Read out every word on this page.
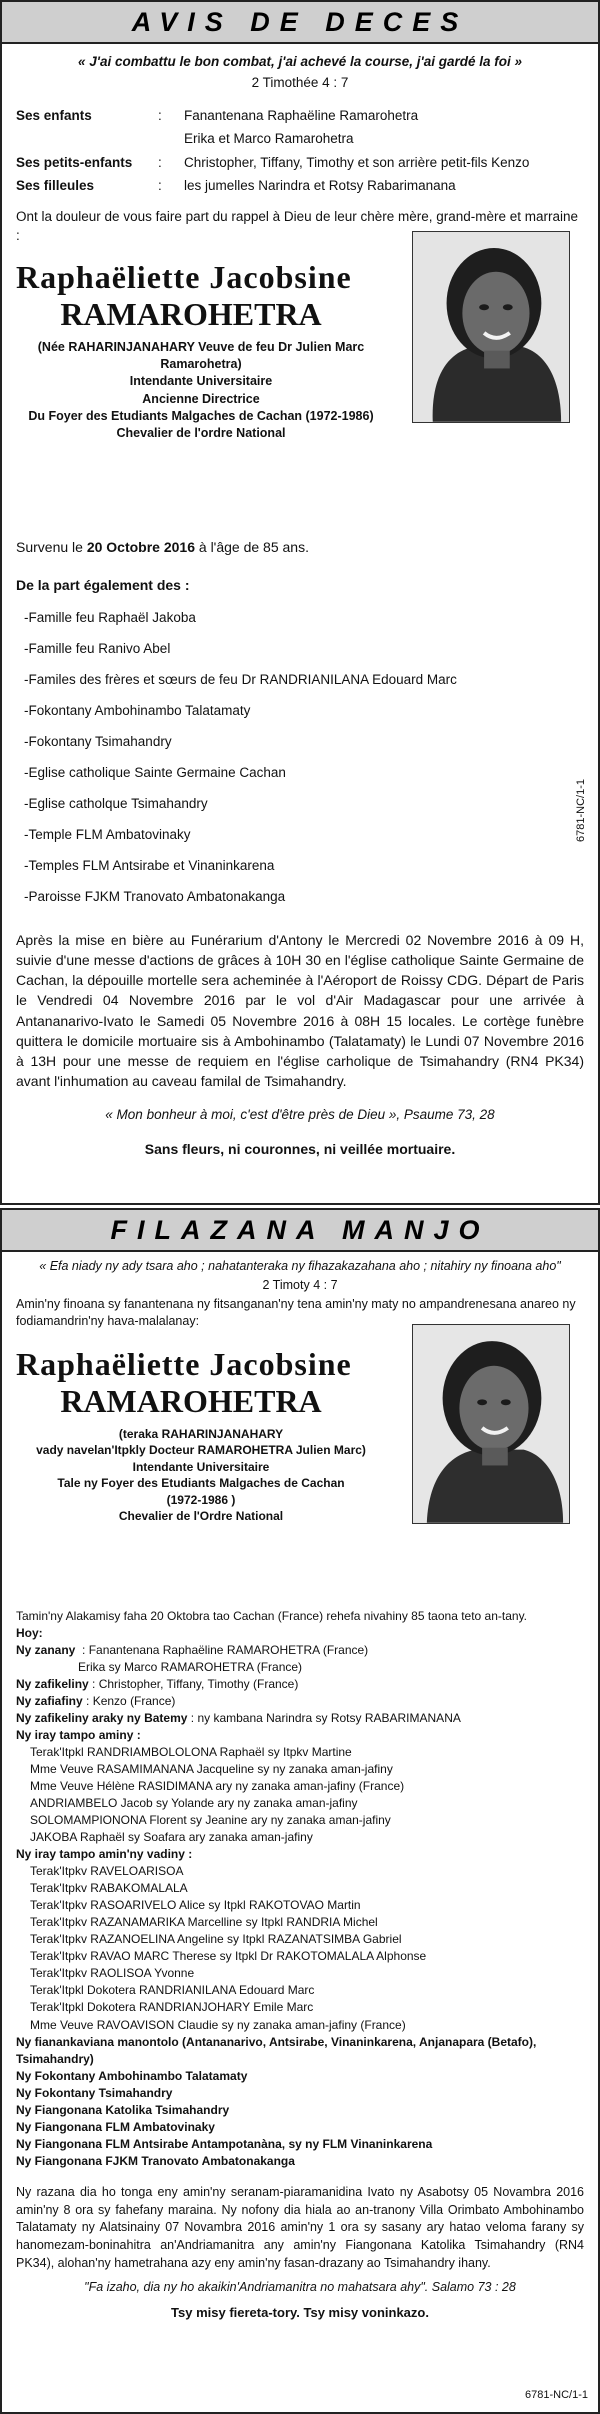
AVIS DE DECES

« J'ai combattu le bon combat, j'ai achevé la course, j'ai gardé la foi »

2 Timothée 4 : 7

Ses enfants	:	Fanantenana Raphaëline Ramarohetra
Erika et Marco Ramarohetra
Ses petits-enfants	:	Christopher, Tiffany, Timothy et son arrière petit-fils Kenzo
Ses filleules	:	les jumelles Narindra et Rotsy Rabarimanana

Ont la douleur de vous faire part du rappel à Dieu de leur chère mère, grand-mère et marraine :

Raphaëliette Jacobsine
RAMAROHETRA
(Née RAHARINJANAHARY Veuve de feu Dr Julien Marc
Ramarohetra)
Intendante Universitaire
Ancienne Directrice
Du Foyer des Etudiants Malgaches de Cachan (1972-1986)
Chevalier de l'ordre National

Survenu le 20 Octobre 2016 à l'âge de 85 ans.

De la part également des :

-Famille feu Raphaël Jakoba
-Famille feu Ranivo Abel
-Familes des frères et sœurs de feu Dr RANDRIANILANA Edouard Marc
-Fokontany Ambohinambo Talatamaty
-Fokontany Tsimahandry
-Eglise catholique Sainte Germaine Cachan
-Eglise catholque Tsimahandry
-Temple FLM Ambatovinaky
-Temples FLM Antsirabe et Vinaninkarena
-Paroisse FJKM Tranovato Ambatonakanga

Après la mise en bière au Funérarium d'Antony le Mercredi 02 Novembre 2016 à 09 H, suivie d'une messe d'actions de grâces à 10H 30 en l'église catholique Sainte Germaine de Cachan, la dépouille mortelle sera acheminée à l'Aéroport de Roissy CDG. Départ de Paris le Vendredi 04 Novembre 2016 par le vol d'Air Madagascar pour une arrivée à Antananarivo-Ivato le Samedi 05 Novembre 2016 à 08H 15 locales. Le cortège funèbre quittera le domicile mortuaire sis à Ambohinambo (Talatamaty) le Lundi 07 Novembre 2016 à 13H pour une messe de requiem en l'église carholique de Tsimahandry (RN4 PK34) avant l'inhumation au caveau familal de Tsimahandry.

« Mon bonheur à moi, c'est d'être près de Dieu », Psaume 73, 28

Sans fleurs, ni couronnes, ni veillée mortuaire.

6781-NC/1-1
FILAZANA MANJO

« Efa niady ny ady tsara aho ; nahatanteraka ny fihazakazahana aho ; nitahiry ny finoana aho"

2 Timoty 4 : 7

Amin'ny finoana sy fanantenana ny fitsanganan'ny tena amin'ny maty no ampandrenesana anareo ny fodiamandrin'ny hava-malalanay:

Raphaëliette Jacobsine
RAMAROHETRA
(teraka RAHARINJANAHARY
vady navelan'Itpkly Docteur RAMAROHETRA Julien Marc)
Intendante Universitaire
Tale ny Foyer des Etudiants Malgaches de Cachan
(1972-1986 )
Chevalier de l'Ordre National

Tamin'ny Alakamisy faha 20 Oktobra tao Cachan (France) rehefa nivahiny 85 taona teto an-tany.

Hoy:

Ny zanany  : Fanantenana Raphaëline RAMAROHETRA (France)
Erika sy Marco RAMAROHETRA (France)
Ny zafikeliny : Christopher, Tiffany, Timothy (France)
Ny zafiafiny : Kenzo (France)
Ny zafikeliny araky ny Batemy : ny kambana Narindra sy Rotsy RABARIMANANA
Ny iray tampo aminy :
Terak'Itpkl RANDRIAMBOLOLONA Raphaël sy Itpkv Martine
Mme Veuve RASAMIMANANA Jacqueline sy ny zanaka aman-jafiny
Mme Veuve Hélène RASIDIMANA ary ny zanaka aman-jafiny (France)
ANDRIAMBELO Jacob sy Yolande ary ny zanaka aman-jafiny
SOLOMAMPIONONA Florent sy Jeanine ary ny zanaka aman-jafiny
JAKOBA Raphaël sy Soafara ary zanaka aman-jafiny
Ny iray tampo amin'ny vadiny :
Terak'Itpkv RAVELOARISOA
Terak'Itpkv RABAKOMALALA
Terak'Itpkv RASOARIVELO Alice sy Itpkl RAKOTOVAO Martin
Terak'Itpkv RAZANAMARIKA Marcelline sy Itpkl RANDRIA Michel
Terak'Itpkv RAZANOELINA Angeline sy Itpkl RAZANATSIMBA Gabriel
Terak'Itpkv RAVAO MARC Therese sy Itpkl Dr RAKOTOMALALA Alphonse
Terak'Itpkv RAOLISOA Yvonne
Terak'Itpkl Dokotera RANDRIANILANA Edouard Marc
Terak'Itpkl Dokotera RANDRIANJOHARY Emile Marc
Mme Veuve RAVOAVISON Claudie sy ny zanaka aman-jafiny (France)
Ny fianankaviana manontolo (Antananarivo, Antsirabe, Vinaninkarena, Anjanapara (Betafo), Tsimahandry)
Ny Fokontany Ambohinambo Talatamaty
Ny Fokontany Tsimahandry
Ny Fiangonana Katolika Tsimahandry
Ny Fiangonana FLM Ambatovinaky
Ny Fiangonana FLM Antsirabe Antampotanàna, sy ny FLM Vinaninkarena
Ny Fiangonana FJKM Tranovato Ambatonakanga

Ny razana dia ho tonga eny amin'ny seranam-piaramanidina Ivato ny Asabotsy 05 Novambra 2016 amin'ny 8 ora sy fahefany maraina. Ny nofony dia hiala ao an-tranony Villa Orimbato Ambohinambo Talatamaty ny Alatsinainy 07 Novambra 2016 amin'ny 1 ora sy sasany ary hatao veloma farany sy hanomezam-boninahitra an'Andriamanitra any amin'ny Fiangonana Katolika Tsimahandry (RN4 PK34), alohan'ny hametrahana azy eny amin'ny fasan-drazany ao Tsimahandry ihany.

"Fa izaho, dia ny ho akaikin'Andriamanitra no mahatsara ahy". Salamo 73 : 28

Tsy misy fieretа-tory. Tsy misy voninkazo.

6781-NC/1-1
